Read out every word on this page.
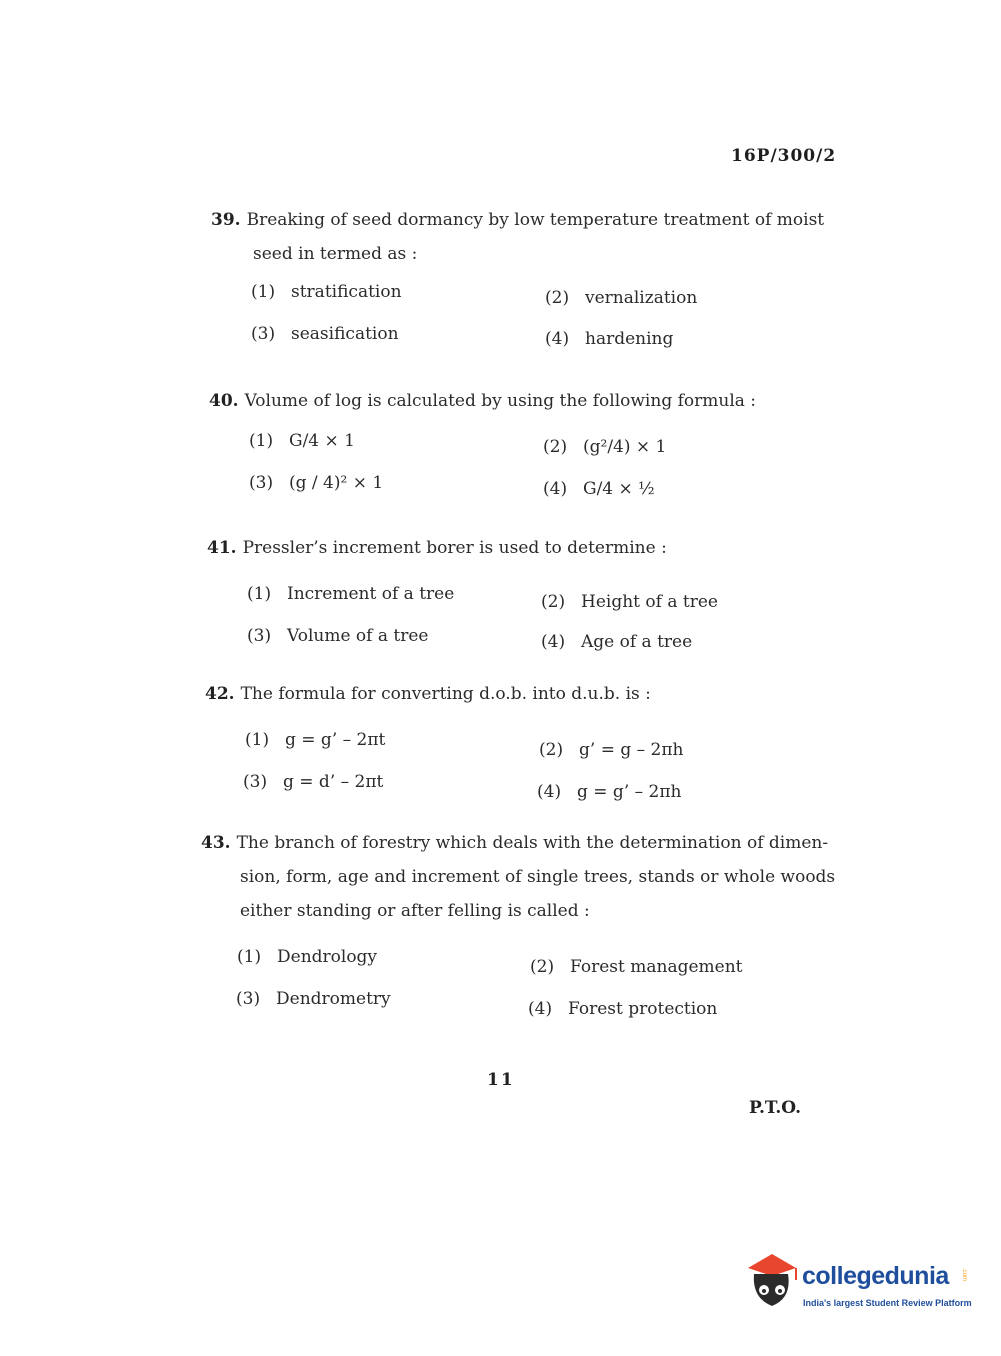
16P/300/2
39. Breaking of seed dormancy by low temperature treatment of moist
seed in termed as :
(1) stratification	(2) vernalization
(3) seasification	(4) hardening
40. Volume of log is calculated by using the following formula :
(1) G/4 × 1	(2) (g²/4) × 1
(3) (g / 4)² × 1	(4) G/4 × ½
41. Pressler’s increment borer is used to determine :
(1) Increment of a tree	(2) Height of a tree
(3) Volume of a tree	(4) Age of a tree
42. The formula for converting d.o.b. into d.u.b. is :
(1) g = g’ – 2πt	(2) g’ = g – 2πh
(3) g = d’ – 2πt	(4) g = g’ – 2πh
43. The branch of forestry which deals with the determination of dimen-
sion, form, age and increment of single trees, stands or whole woods
either standing or after felling is called :
(1) Dendrology	(2) Forest management
(3) Dendrometry	(4) Forest protection
11
P.T.O.
collegedunia .com
India's largest Student Review Platform
